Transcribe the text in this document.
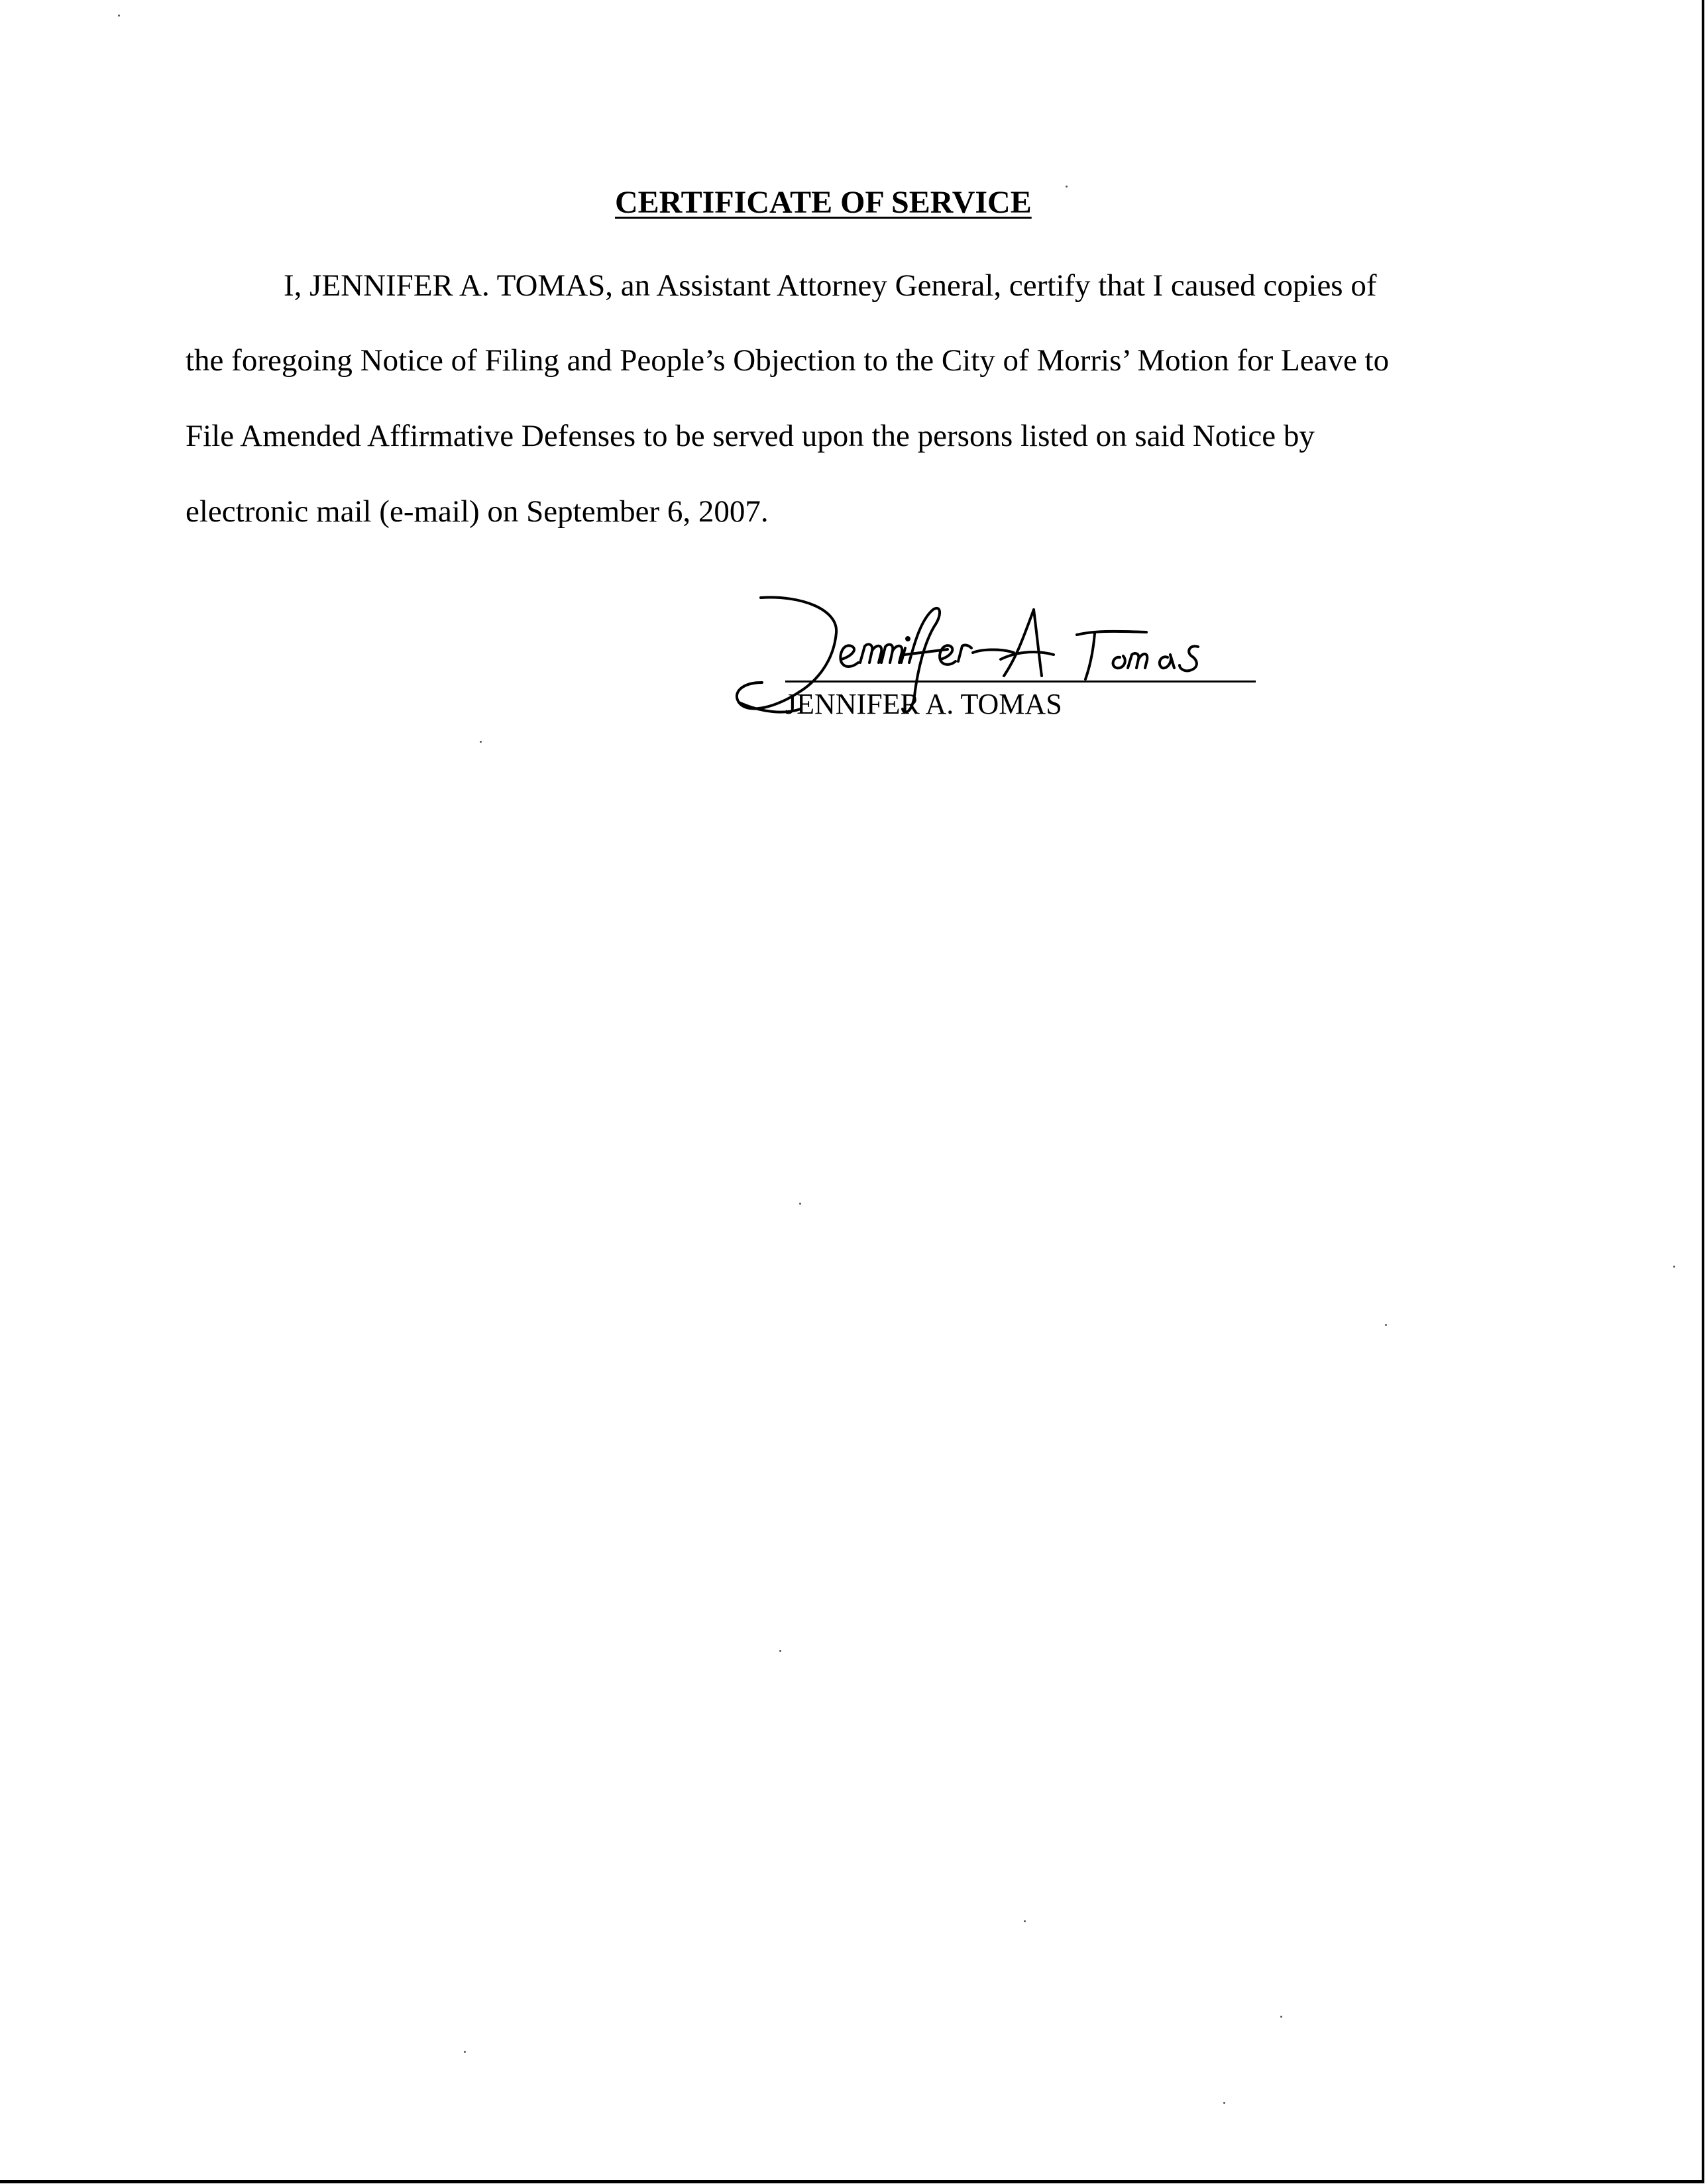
CERTIFICATE OF SERVICE
I, JENNIFER A. TOMAS, an Assistant Attorney General, certify that I caused copies of
the foregoing Notice of Filing and People’s Objection to the City of Morris’ Motion for Leave to
File Amended Affirmative Defenses to be served upon the persons listed on said Notice by
electronic mail (e-mail) on September 6, 2007.
JENNIFER A. TOMAS
